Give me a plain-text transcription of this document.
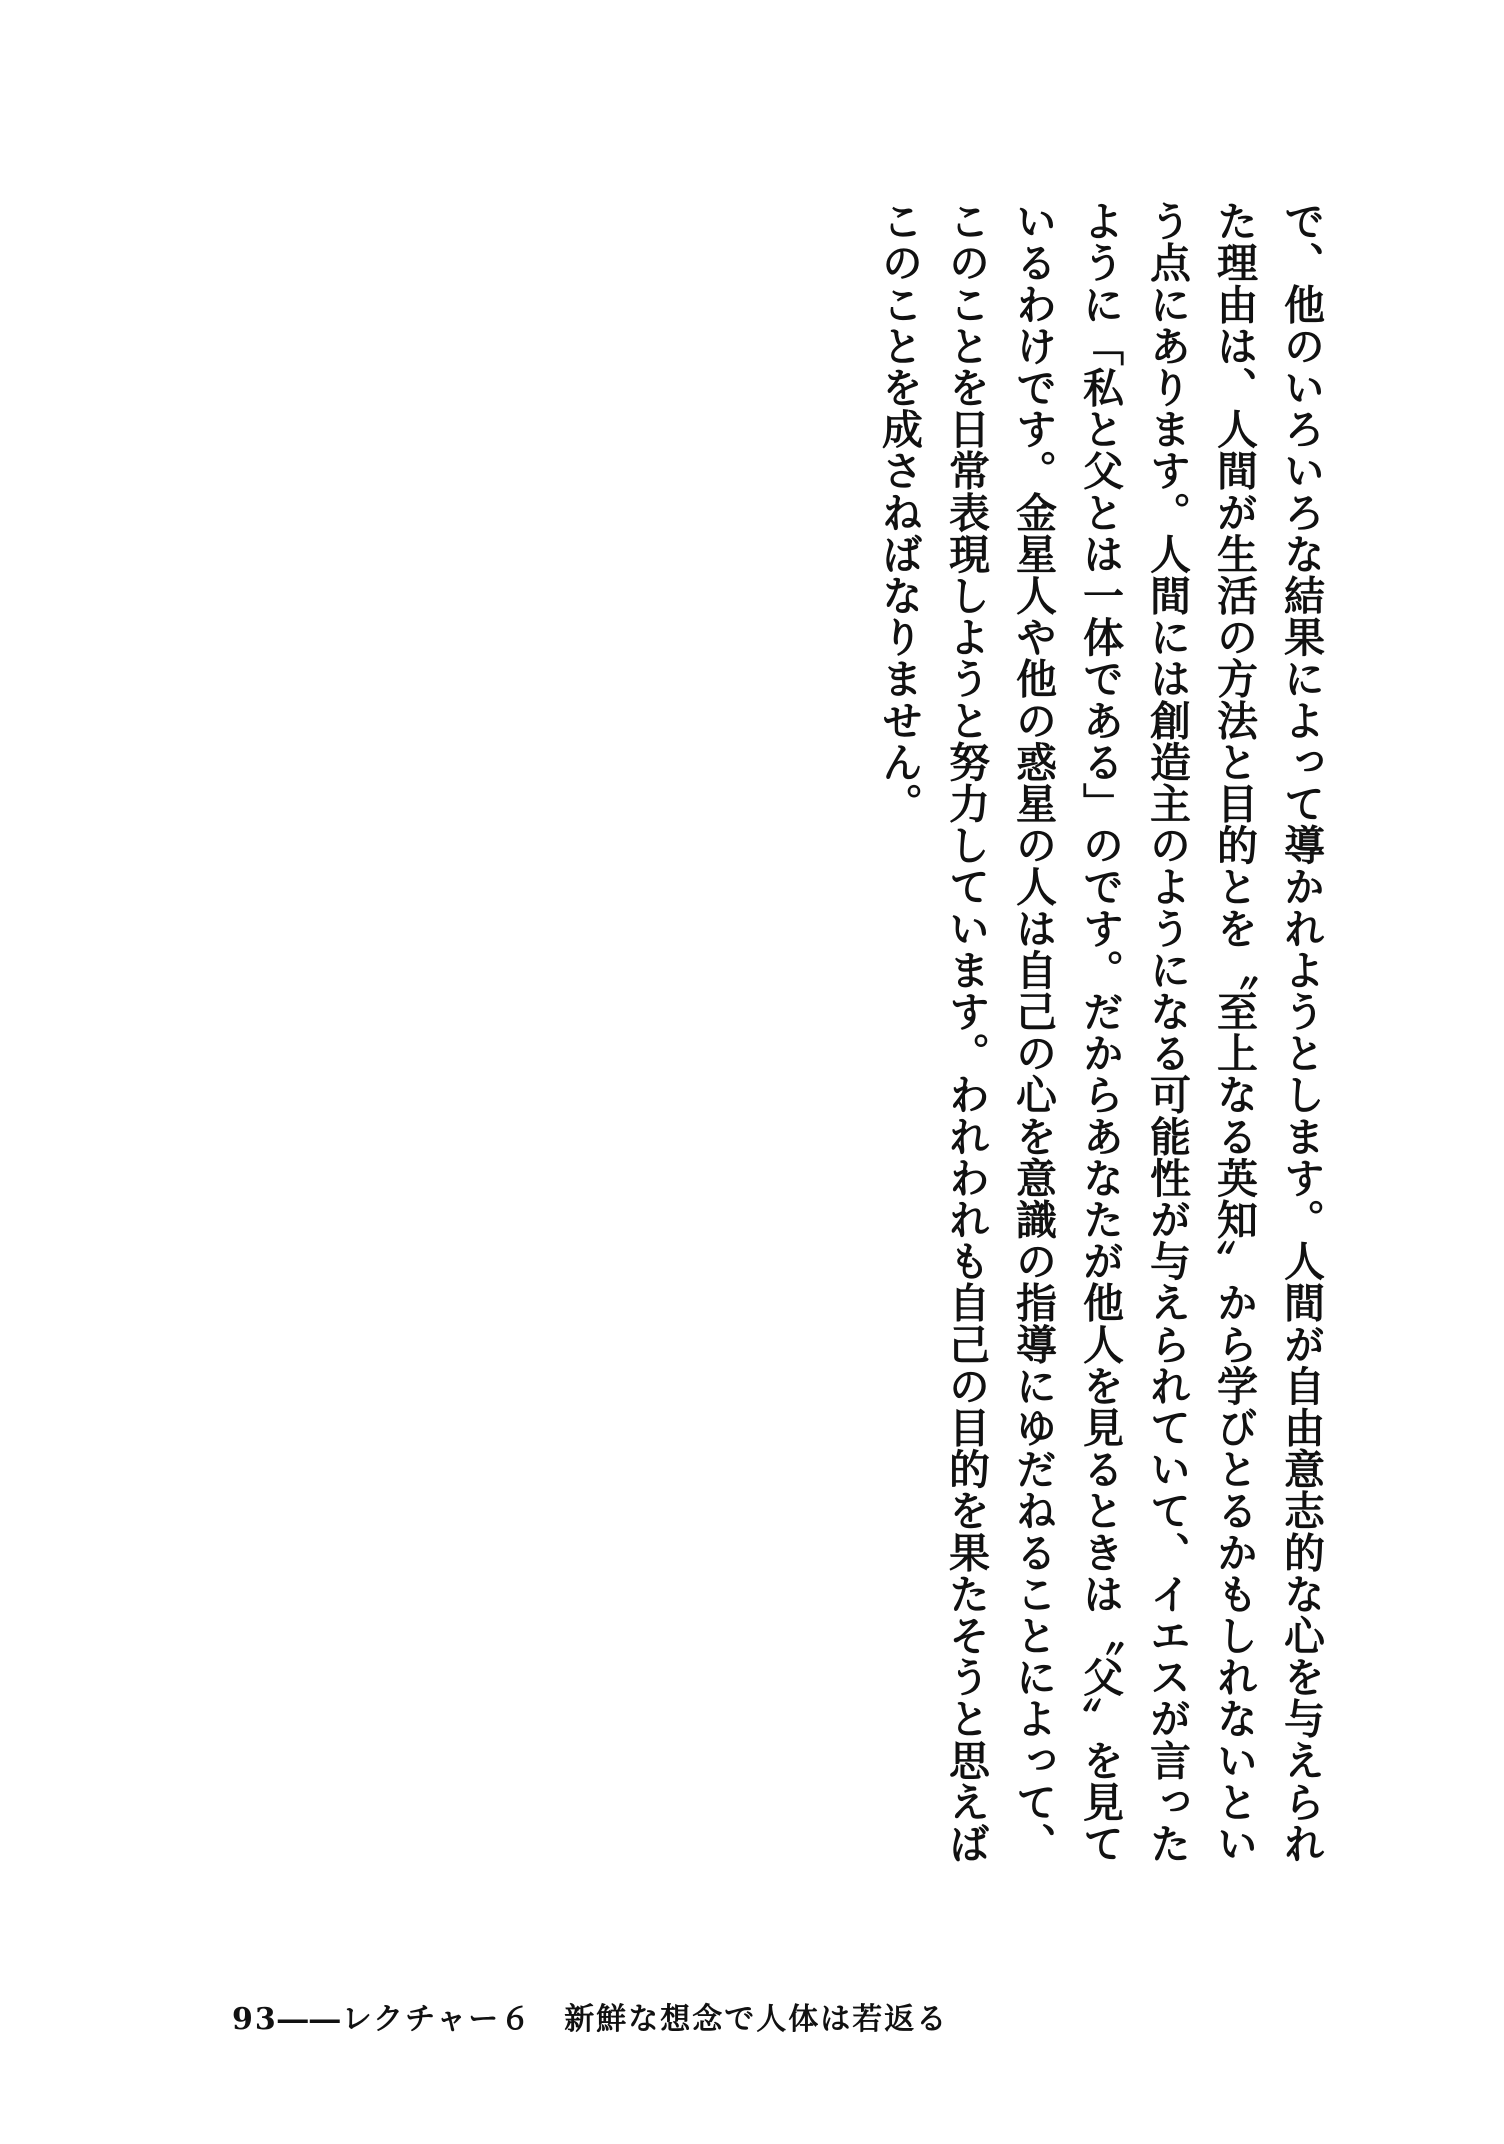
で、他のいろいろな結果によって導かれようとします。人間が自由意志的な心を与えられた理由は、人間が生活の方法と目的とを〝至上なる英知〟から学びとるかもしれないという点にあります。人間には創造主のようになる可能性が与えられていて、イエスが言ったように「私と父とは一体である」のです。だからあなたが他人を見るときは〝父〟を見ているわけです。金星人や他の惑星の人は自己の心を意識の指導にゆだねることによって、このことを日常表現しようと努力しています。われわれも自己の目的を果たそうと思えばこのことを成さねばなりません。
93――レクチャー６　新鮮な想念で人体は若返る
